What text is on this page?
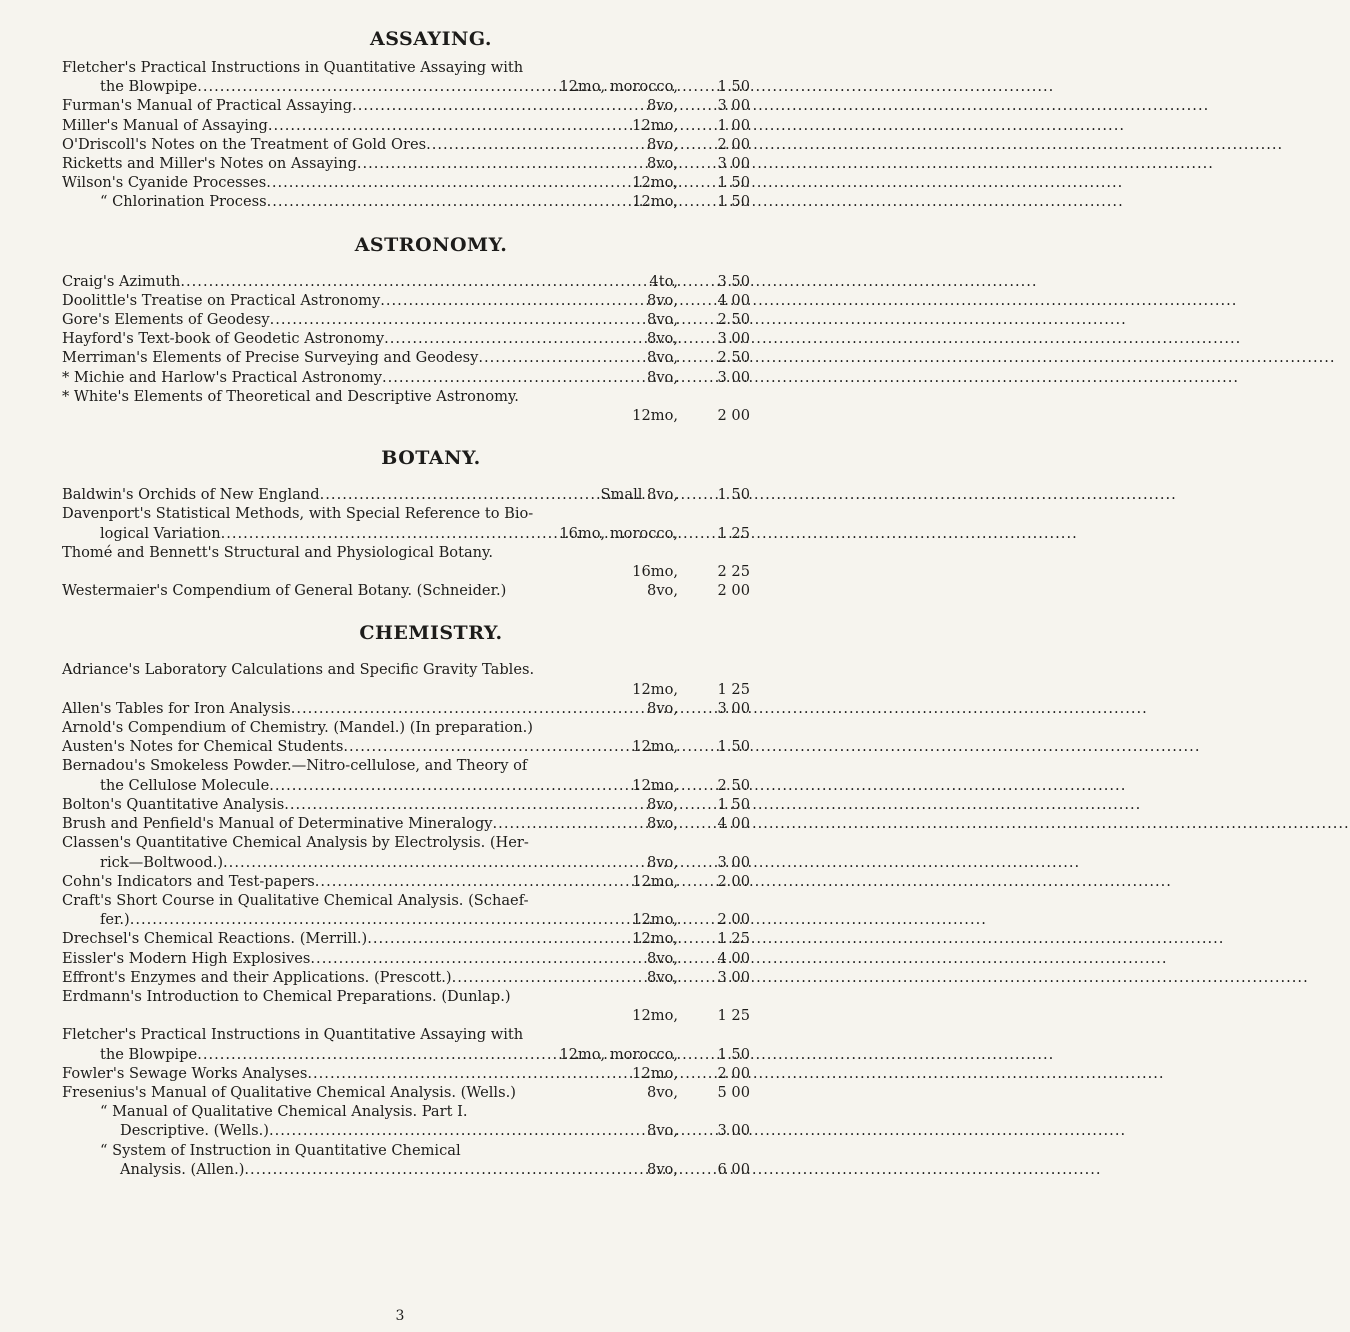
ASSAYING.
Fletcher's Practical Instructions in Quantitative Assaying with
the Blowpipe .....	12mo, morocco,	1 50
Furman's Manual of Practical Assaying .....	8vo,	3 00
Miller's Manual of Assaying .....	12mo,	1 00
O'Driscoll's Notes on the Treatment of Gold Ores .....	8vo,	2 00
Ricketts and Miller's Notes on Assaying .....	8vo,	3 00
Wilson's Cyanide Processes .....	12mo,	1 50
“ Chlorination Process .....	12mo,	1 50
ASTRONOMY.
Craig's Azimuth .....	4to,	3 50
Doolittle's Treatise on Practical Astronomy .....	8vo,	4 00
Gore's Elements of Geodesy .....	8vo,	2 50
Hayford's Text-book of Geodetic Astronomy .....	8vo,	3 00
Merriman's Elements of Precise Surveying and Geodesy .....	8vo,	2 50
* Michie and Harlow's Practical Astronomy .....	8vo,	3 00
* White's Elements of Theoretical and Descriptive Astronomy.
12mo,	2 00
BOTANY.
Baldwin's Orchids of New England .....	Small 8vo,	1 50
Davenport's Statistical Methods, with Special Reference to Bio-
logical Variation .....	16mo, morocco,	1 25
Thomé and Bennett's Structural and Physiological Botany.
16mo,	2 25
Westermaier's Compendium of General Botany. (Schneider.)
	8vo,	2 00
CHEMISTRY.
Adriance's Laboratory Calculations and Specific Gravity Tables.
12mo,	1 25
Allen's Tables for Iron Analysis .....	8vo,	3 00
Arnold's Compendium of Chemistry. (Mandel.) (In preparation.)
Austen's Notes for Chemical Students .....	12mo,	1 50
Bernadou's Smokeless Powder.—Nitro-cellulose, and Theory of
the Cellulose Molecule .....	12mo,	2 50
Bolton's Quantitative Analysis .....	8vo,	1 50
Brush and Penfield's Manual of Determinative Mineralogy .....	8vo,	4 00
Classen's Quantitative Chemical Analysis by Electrolysis. (Her-
rick—Boltwood.) .....	8vo,	3 00
Cohn's Indicators and Test-papers .....	12mo,	2 00
Craft's Short Course in Qualitative Chemical Analysis. (Schaef-
fer.) .....	12mo,	2 00
Drechsel's Chemical Reactions. (Merrill.) .....	12mo,	1 25
Eissler's Modern High Explosives .....	8vo,	4 00
Effront's Enzymes and their Applications. (Prescott.) .....	8vo,	3 00
Erdmann's Introduction to Chemical Preparations. (Dunlap.)
12mo,	1 25
Fletcher's Practical Instructions in Quantitative Assaying with
the Blowpipe .....	12mo, morocco,	1 50
Fowler's Sewage Works Analyses .....	12mo,	2 00
Fresenius's Manual of Qualitative Chemical Analysis. (Wells.)
	8vo,	5 00
“ Manual of Qualitative Chemical Analysis. Part I.
Descriptive. (Wells.) .....	8vo,	3 00
“ System of Instruction in Quantitative Chemical
Analysis. (Allen.) .....	8vo,	6 00
3
